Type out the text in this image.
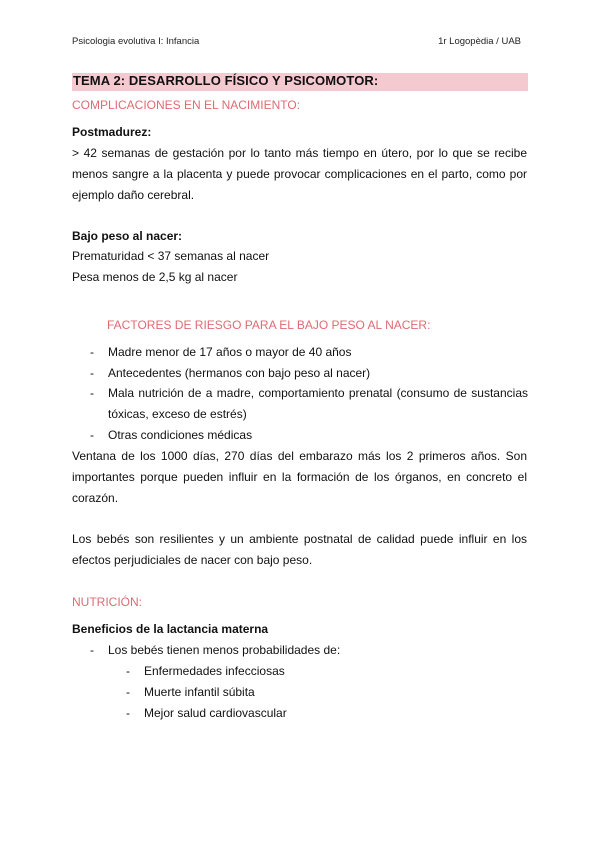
Psicologia evolutiva I: Infancia	1r Logopèdia / UAB
TEMA 2: DESARROLLO FÍSICO Y PSICOMOTOR:
COMPLICACIONES EN EL NACIMIENTO:
Postmadurez:
> 42 semanas de gestación por lo tanto más tiempo en útero, por lo que se recibe
menos sangre a la placenta y puede provocar complicaciones en el parto, como por
ejemplo daño cerebral.
Bajo peso al nacer:
Prematuridad < 37 semanas al nacer
Pesa menos de 2,5 kg al nacer
FACTORES DE RIESGO PARA EL BAJO PESO AL NACER:
- Madre menor de 17 años o mayor de 40 años
- Antecedentes (hermanos con bajo peso al nacer)
- Mala nutrición de a madre, comportamiento prenatal (consumo de sustancias
tóxicas, exceso de estrés)
- Otras condiciones médicas
Ventana de los 1000 días, 270 días del embarazo más los 2 primeros años. Son
importantes porque pueden influir en la formación de los órganos, en concreto el
corazón.
Los bebés son resilientes y un ambiente postnatal de calidad puede influir en los
efectos perjudiciales de nacer con bajo peso.
NUTRICIÓN:
Beneficios de la lactancia materna
- Los bebés tienen menos probabilidades de:
- Enfermedades infecciosas
- Muerte infantil súbita
- Mejor salud cardiovascular
